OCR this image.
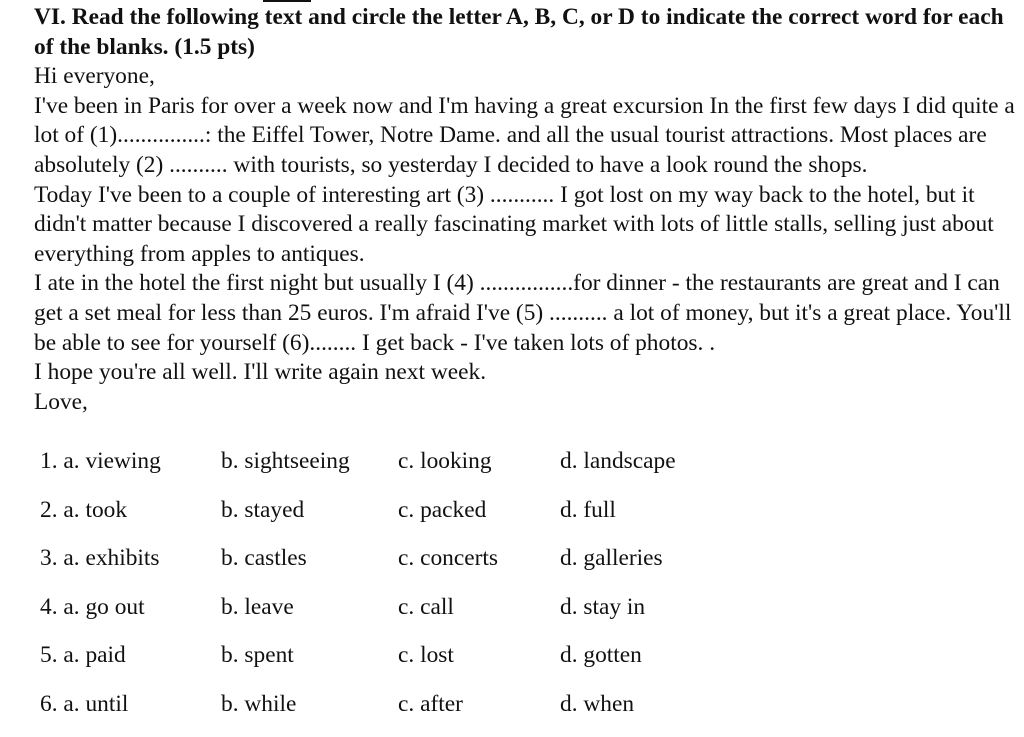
VI. Read the following text and circle the letter A, B, C, or D to indicate the correct word for each of the blanks. (1.5 pts)

Hi everyone,

I've been in Paris for over a week now and I'm having a great excursion In the first few days I did quite a lot of (1)...............: the Eiffel Tower, Notre Dame. and all the usual tourist attractions. Most places are absolutely (2) .......... with tourists, so yesterday I decided to have a look round the shops.

Today I've been to a couple of interesting art (3) ........... I got lost on my way back to the hotel, but it didn't matter because I discovered a really fascinating market with lots of little stalls, selling just about everything from apples to antiques.

I ate in the hotel the first night but usually I (4) ................for dinner - the restaurants are great and I can get a set meal for less than 25 euros. I'm afraid I've (5) .......... a lot of money, but it's a great place. You'll be able to see for yourself (6)........ I get back - I've taken lots of photos. .

I hope you're all well. I'll write again next week.

Love,

1. a. viewing	b. sightseeing c. looking	d. landscape
2. a. took	b. stayed	c. packed	d. full
3. a. exhibits	b. castles	c. concerts	d. galleries
4. a. go out	b. leave	c. call	d. stay in
5. a. paid	b. spent	c. lost	d. gotten
6. a. until	b. while	c. after	d. when
